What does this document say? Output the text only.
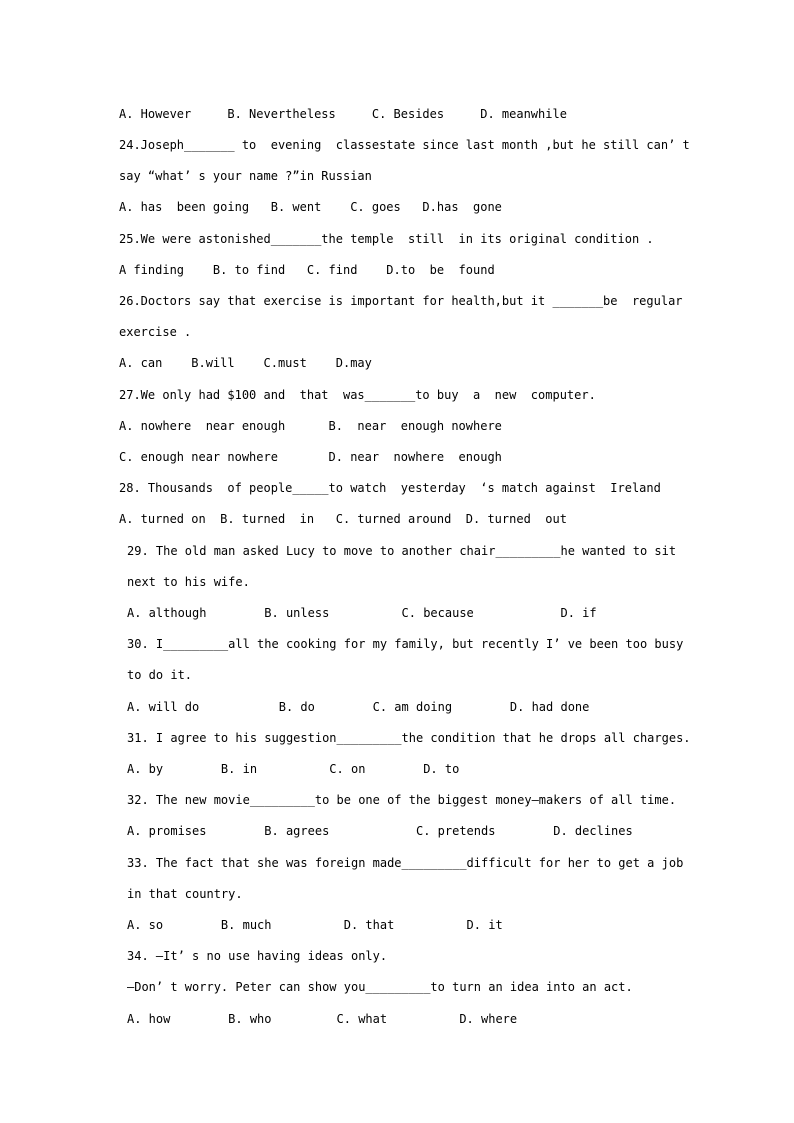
A. However     B. Nevertheless     C. Besides     D. meanwhile
24.Joseph_______ to  evening  classestate since last month ,but he still can’ t
say “what’ s your name ?”in Russian
A. has  been going   B. went    C. goes   D.has  gone
25.We were astonished_______the temple  still  in its original condition .
A finding    B. to find   C. find    D.to  be  found
26.Doctors say that exercise is important for health,but it _______be  regular
exercise .
A. can    B.will    C.must    D.may
27.We only had $100 and  that  was_______to buy  a  new  computer.
A. nowhere  near enough      B.  near  enough nowhere
C. enough near nowhere       D. near  nowhere  enough
28. Thousands  of people_____to watch  yesterday  ‘s match against  Ireland
A. turned on  B. turned  in   C. turned around  D. turned  out
29. The old man asked Lucy to move to another chair_________he wanted to sit
next to his wife.
A. although        B. unless          C. because            D. if
30. I_________all the cooking for my family, but recently I’ ve been too busy
to do it.
A. will do           B. do        C. am doing        D. had done
31. I agree to his suggestion_________the condition that he drops all charges.
A. by        B. in          C. on        D. to
32. The new movie_________to be one of the biggest money—makers of all time.
A. promises        B. agrees            C. pretends        D. declines
33. The fact that she was foreign made_________difficult for her to get a job
in that country.
A. so        B. much          D. that          D. it
34. —It’ s no use having ideas only.
—Don’ t worry. Peter can show you_________to turn an idea into an act.
A. how        B. who         C. what          D. where
